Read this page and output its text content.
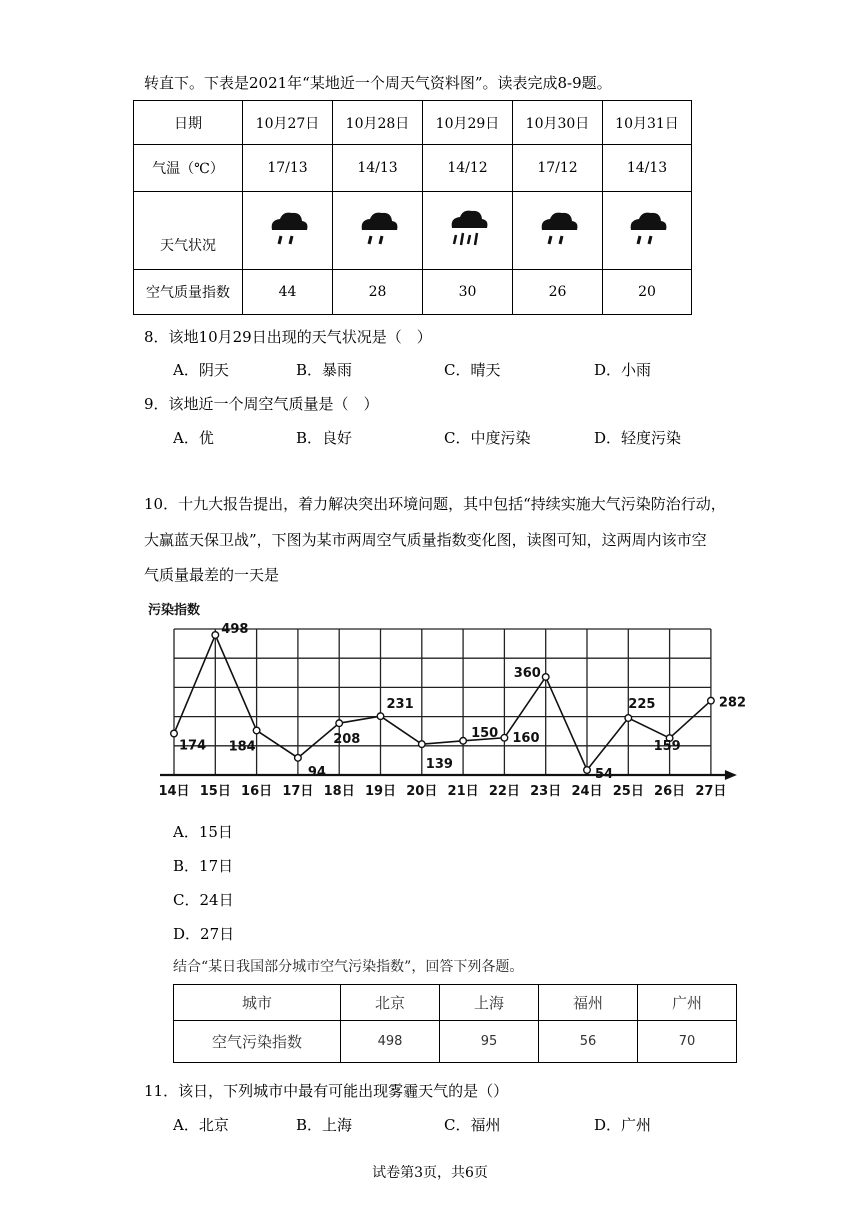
转直下。下表是2021年“某地近一个周天气资料图”。读表完成8-9题。
日期	10月27日	10月28日	10月29日	10月30日	10月31日
气温（℃）	17/13	14/13	14/12	17/12	14/13
天气状况					
空气质量指数	44	28	30	26	20
8．该地10月29日出现的天气状况是（　）
A．阴天	B．暴雨	C．晴天	D．小雨
9．该地近一个周空气质量是（　）
A．优	B．良好	C．中度污染	D．轻度污染
10．十九大报告提出，着力解决突出环境问题，其中包括“持续实施大气污染防治行动，
大赢蓝天保卫战”，下图为某市两周空气质量指数变化图，读图可知，这两周内该市空
气质量最差的一天是
污染指数
174
498
184
94
208
231
139
150 160
360
54
225
159
282
14日 15日 16日 17日 18日 19日 20日 21日 22日 23日 24日 25日 26日 27日
A．15日
B．17日
C．24日
D．27日
结合“某日我国部分城市空气污染指数”，回答下列各题。
城市	北京	上海	福州	广州
空气污染指数	498	95	56	70
11．该日，下列城市中最有可能出现雾霾天气的是（）
A．北京	B．上海	C．福州	D．广州
试卷第3页，共6页
